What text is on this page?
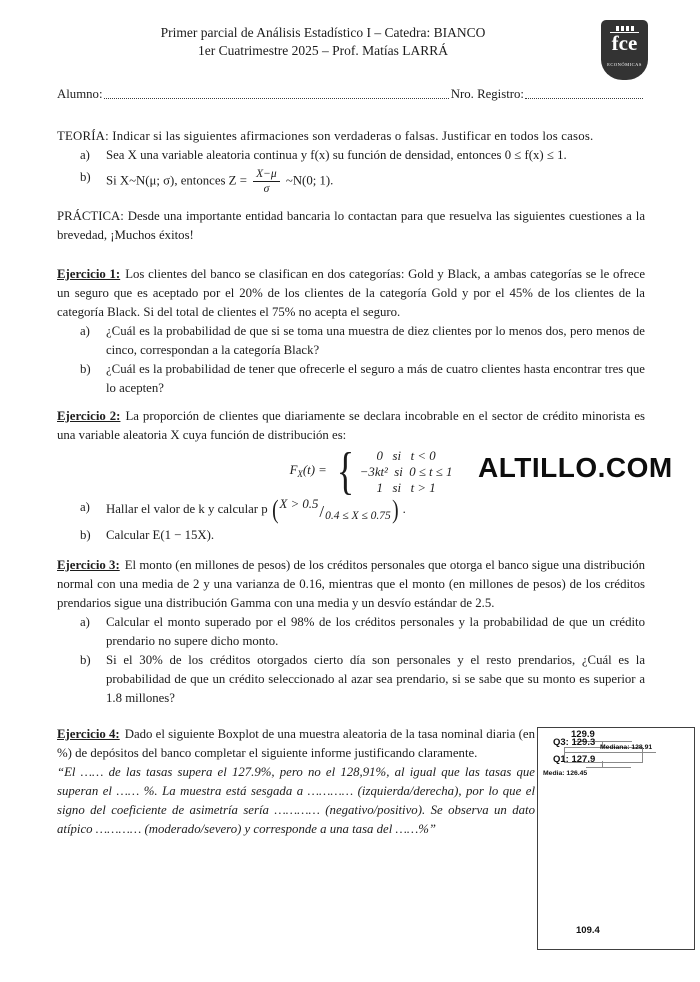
Primer parcial de Análisis Estadístico I – Catedra: BIANCO
1er Cuatrimestre 2025 – Prof. Matías LARRÁ	fce
ECONÓMICAS
Alumno:	Nro. Registro:

TEORÍA: Indicar si las siguientes afirmaciones son verdaderas o falsas. Justificar en todos los casos.

a)	Sea X una variable aleatoria continua y f(x) su función de densidad, entonces 0 ≤ f(x) ≤ 1.
b)	Si X~N(μ; σ), entonces $Z = \frac{X-\mu}{\sigma}$ ~N(0; 1).

PRÁCTICA: Desde una importante entidad bancaria lo contactan para que resuelva las siguientes cuestiones a la brevedad, ¡Muchos éxitos!

Ejercicio 1: Los clientes del banco se clasifican en dos categorías: Gold y Black, a ambas categorías se le ofrece un seguro que es aceptado por el 20% de los clientes de la categoría Gold y por el 45% de los clientes de la categoría Black. Si del total de clientes el 75% no acepta el seguro.

a)	¿Cuál es la probabilidad de que si se toma una muestra de diez clientes por lo menos dos, pero menos de cinco, correspondan a la categoría Black?
b)	¿Cuál es la probabilidad de tener que ofrecerle el seguro a más de cuatro clientes hasta encontrar tres que lo acepten?

Ejercicio 2: La proporción de clientes que diariamente se declara incobrable en el sector de crédito minorista es una variable aleatoria X cuya función de distribución es:

$F_X(t)$ = { 0   si   t < 0
−3kt²  si  0 ≤ t ≤ 1
1   si   t > 1
a)	Hallar el valor de k y calcular p ( X > 0.5 / 0.4 ≤ X ≤ 0.75 ) .
b)	Calcular E(1 − 15X).

Ejercicio 3: El monto (en millones de pesos) de los créditos personales que otorga el banco sigue una distribución normal con una media de 2 y una varianza de 0.16, mientras que el monto (en millones de pesos) de los créditos prendarios sigue una distribución Gamma con una media y un desvío estándar de 2.5.

a)	Calcular el monto superado por el 98% de los créditos personales y la probabilidad de que un crédito prendario no supere dicho monto.
b)	Si el 30% de los créditos otorgados cierto día son personales y el resto prendarios, ¿Cuál es la probabilidad de que un crédito seleccionado al azar sea prendario, si se sabe que su monto es superior a 1.8 millones?

Ejercicio 4: Dado el siguiente Boxplot de una muestra aleatoria de la tasa nominal diaria (en %) de depósitos del banco completar el siguiente informe justificando claramente.

“El …… de las tasas supera el 127.9%, pero no el 128,91%, al igual que las tasas que superan el …… %. La muestra está sesgada a ………… (izquierda/derecha), por lo que el signo del coeficiente de asimetría sería ………… (negativo/positivo). Se observa un dato atípico ………… (moderado/severo) y corresponde a una tasa del ……%”

ALTILLO.COM
129.9
Q3: 129.3 Mediana: 128.91
Q1: 127.9
Media: 126.45
109.4
